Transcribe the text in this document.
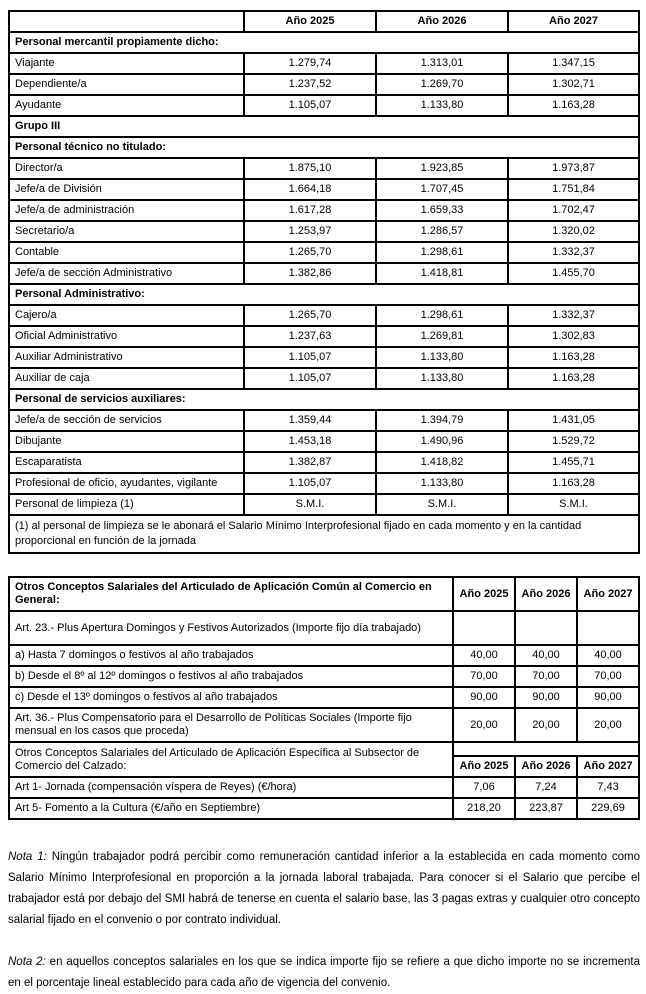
	Año 2025	Año 2026	Año 2027
Personal mercantil propiamente dicho:			
Viajante	1.279,74	1.313,01	1.347,15
Dependiente/a	1.237,52	1.269,70	1.302,71
Ayudante	1.105,07	1.133,80	1.163,28
Grupo III			
Personal técnico no titulado:			
Director/a	1.875,10	1.923,85	1.973,87
Jefe/a de División	1.664,18	1.707,45	1.751,84
Jefe/a de administración	1.617,28	1.659,33	1.702,47
Secretario/a	1.253,97	1.286,57	1.320,02
Contable	1.265,70	1.298,61	1.332,37
Jefe/a de sección Administrativo	1.382,86	1.418,81	1.455,70
Personal Administrativo:			
Cajero/a	1.265,70	1.298,61	1.332,37
Oficial Administrativo	1.237,63	1.269,81	1.302,83
Auxiliar Administrativo	1.105,07	1.133,80	1.163,28
Auxiliar de caja	1.105,07	1.133,80	1.163,28
Personal de servicios auxiliares:			
Jefe/a de sección de servicios	1.359,44	1.394,79	1.431,05
Dibujante	1.453,18	1.490,96	1.529,72
Escaparatista	1.382,87	1.418,82	1.455,71
Profesional de oficio, ayudantes, vigilante	1.105,07	1.133,80	1.163,28
Personal de limpieza (1)	S.M.I.	S.M.I.	S.M.I.
(1) al personal de limpieza se le abonará el Salario Mínimo Interprofesional fijado en cada momento y en la cantidad proporcional en función de la jornada			
Otros Conceptos Salariales del Articulado de Aplicación Común al Comercio en General:	Año 2025	Año 2026	Año 2027
Art. 23.- Plus Apertura Domingos y Festivos Autorizados (Importe fijo día trabajado)			
a) Hasta 7 domingos o festivos al año trabajados	40,00	40,00	40,00
b) Desde el 8º al 12º domingos o festivos al año trabajados	70,00	70,00	70,00
c) Desde el 13º domingos o festivos al año trabajados	90,00	90,00	90,00
Art. 36.- Plus Compensatorio para el Desarrollo de Políticas Sociales (Importe fijo mensual en los casos que proceda)	20,00	20,00	20,00
Otros Conceptos Salariales del Articulado de Aplicación Específica al Subsector de Comercio del Calzado:			
	Año 2025	Año 2026	Año 2027
Art 1- Jornada (compensación víspera de Reyes) (€/hora)	7,06	7,24	7,43
Art 5- Fomento a la Cultura (€/año en Septiembre)	218,20	223,87	229,69

Nota 1: Ningún trabajador podrá percibir como remuneración cantidad inferior a la establecida en cada momento como Salario Mínimo Interprofesional en proporción a la jornada laboral trabajada. Para conocer si el Salario que percibe el trabajador está por debajo del SMI habrá de tenerse en cuenta el salario base, las 3 pagas extras y cualquier otro concepto salarial fijado en el convenio o por contrato individual.

Nota 2: en aquellos conceptos salariales en los que se indica importe fijo se refiere a que dicho importe no se incrementa en el porcentaje lineal establecido para cada año de vigencia del convenio.
